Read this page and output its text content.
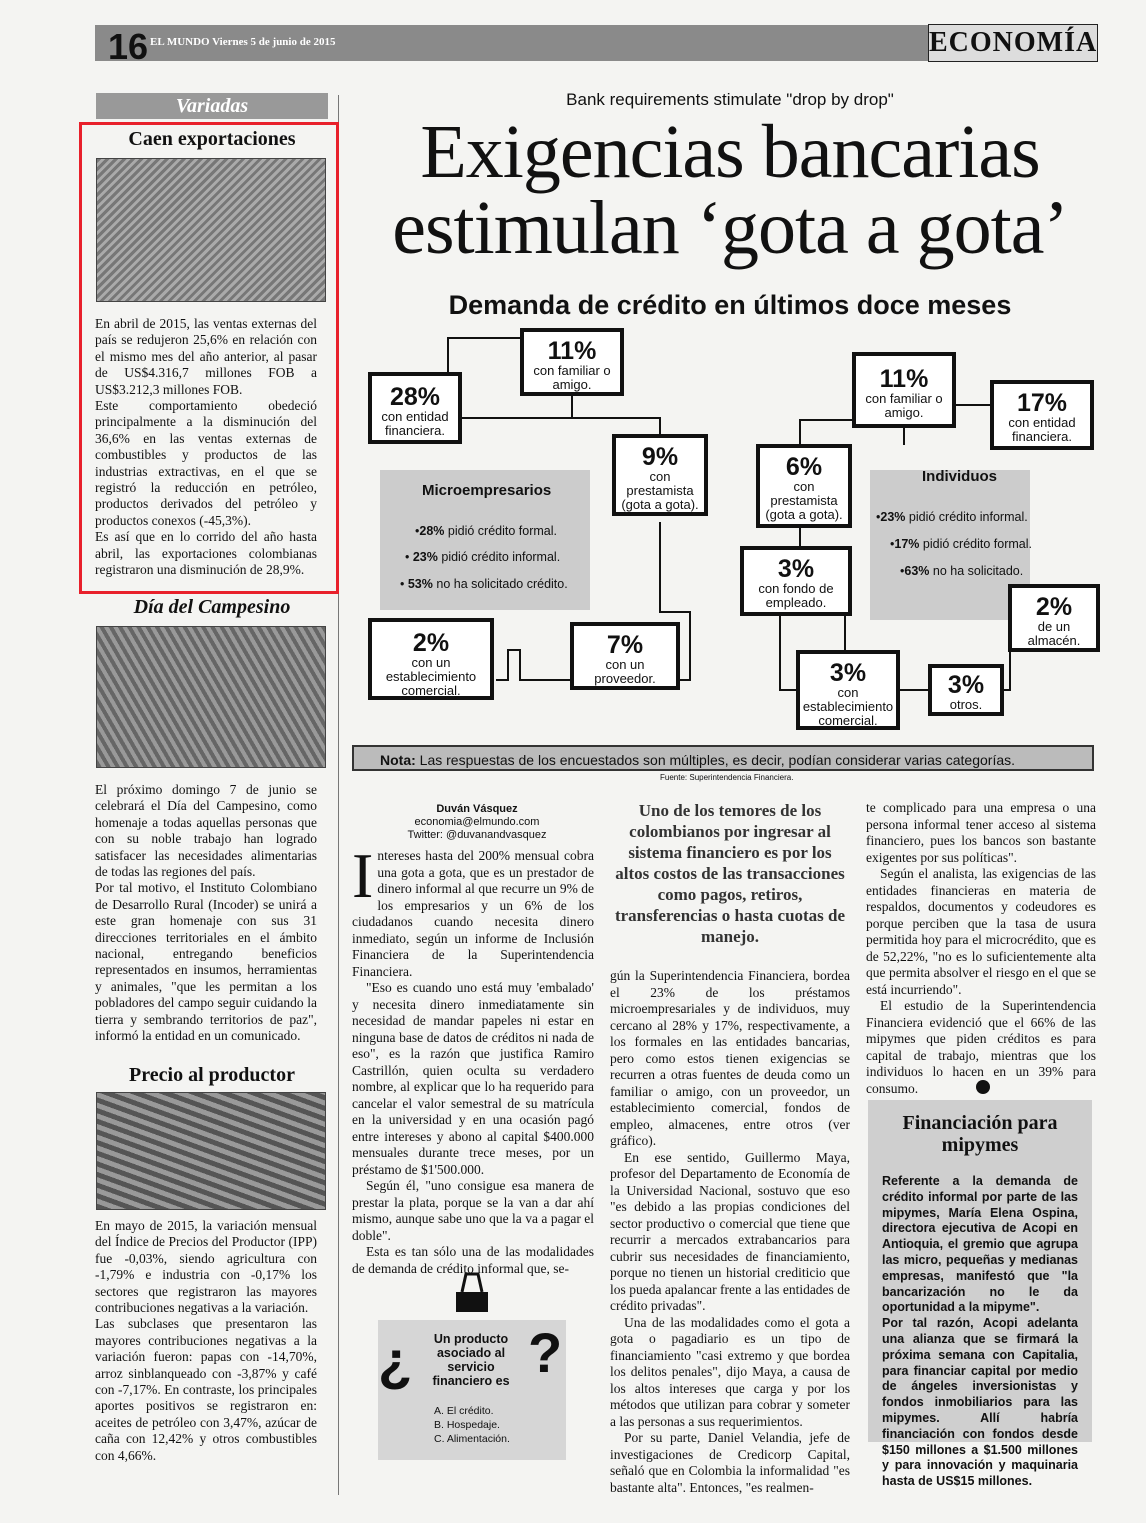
16 EL MUNDO Viernes 5 de junio de 2015	ECONOMÍA
Variadas
Caen exportaciones

En abril de 2015, las ventas externas del país se redujeron 25,6% en relación con el mismo mes del año anterior, al pasar de US$4.316,7 millones FOB a US$3.212,3 millones FOB.

Este comportamiento obedeció principalmente a la disminución del 36,6% en las ventas externas de combustibles y productos de las industrias extractivas, en el que se registró la reducción en petróleo, productos derivados del petróleo y productos conexos (-45,3%).

Es así que en lo corrido del año hasta abril, las exportaciones colombianas registraron una disminución de 28,9%.

Día del Campesino

El próximo domingo 7 de junio se celebrará el Día del Campesino, como homenaje a todas aquellas personas que con su noble trabajo han logrado satisfacer las necesidades alimentarias de todas las regiones del país.

Por tal motivo, el Instituto Colombiano de Desarrollo Rural (Incoder) se unirá a este gran homenaje con sus 31 direcciones territoriales en el ámbito nacional, entregando beneficios representados en insumos, herramientas y animales, "que les permitan a los pobladores del campo seguir cuidando la tierra y sembrando territorios de paz", informó la entidad en un comunicado.

Precio al productor

En mayo de 2015, la variación mensual del Índice de Precios del Productor (IPP) fue -0,03%, siendo agricultura con -1,79% e industria con -0,17% los sectores que registraron las mayores contribuciones negativas a la variación.

Las subclases que presentaron las mayores contribuciones negativas a la variación fueron: papas con -14,70%, arroz sinblanqueado con -3,87% y café con -7,17%. En contraste, los principales aportes positivos se registraron en: aceites de petróleo con 3,47%, azúcar de caña con 12,42% y otros combustibles con 4,66%.

Bank requirements stimulate "drop by drop"
Exigencias bancarias
estimulan ‘gota a gota’
Demanda de crédito en últimos doce meses
Microempresarios
•28% pidió crédito formal.
• 23% pidió crédito informal.
• 53% no ha solicitado crédito.
28%
con entidad financiera.
11%
con familiar o amigo.
9%
con prestamista (gota a gota).
2%
con un establecimiento comercial.
7%
con un proveedor.
Individuos
•23% pidió crédito informal.
•17% pidió crédito formal.
•63% no ha solicitado.
11%
con familiar o amigo.	17%
con entidad financiera.
6%
con prestamista (gota a gota).
3%
con fondo de empleado.	2%
de un almacén.
3%
con establecimiento comercial.
3%
otros.
Nota: Las respuestas de los encuestados son múltiples, es decir, podían considerar varias categorías.
Fuente: Superintendencia Financiera.
Duván Vásquez
economia@elmundo.com
Twitter: @duvanandvasquez

Intereses hasta del 200% mensual cobra una gota a gota, que es un prestador de dinero informal al que recurre un 9% de los empresarios y un 6% de los ciudadanos cuando necesita dinero inmediato, según un informe de Inclusión Financiera de la Superintendencia Financiera.

"Eso es cuando uno está muy 'embalado' y necesita dinero inmediatamente sin necesidad de mandar papeles ni estar en ninguna base de datos de créditos ni nada de eso", es la razón que justifica Ramiro Castrillón, quien oculta su verdadero nombre, al explicar que lo ha requerido para cancelar el valor semestral de su matrícula en la universidad y en una ocasión pagó entre intereses y abono al capital $400.000 mensuales durante trece meses, por un préstamo de $1'500.000.

Según él, "uno consigue esa manera de prestar la plata, porque se la van a dar ahí mismo, aunque sabe uno que la va a pagar el doble".

Esta es tan sólo una de las modalidades de demanda de crédito informal que, se-

¿ ?
Un producto asociado al servicio financiero es
A. El crédito.
B. Hospedaje.
C. Alimentación.
Uno de los temores de los colombianos por ingresar al sistema financiero es por los altos costos de las transacciones como pagos, retiros, transferencias o hasta cuotas de manejo.

gún la Superintendencia Financiera, bordea el 23% de los préstamos microempresariales y de individuos, muy cercano al 28% y 17%, respectivamente, a los formales en las entidades bancarias, pero como estos tienen exigencias se recurren a otras fuentes de deuda como un familiar o amigo, con un proveedor, un establecimiento comercial, fondos de empleo, almacenes, entre otros (ver gráfico).

En ese sentido, Guillermo Maya, profesor del Departamento de Economía de la Universidad Nacional, sostuvo que eso "es debido a las propias condiciones del sector productivo o comercial que tiene que recurrir a mercados extrabancarios para cubrir sus necesidades de financiamiento, porque no tienen un historial crediticio que los pueda apalancar frente a las entidades de crédito privadas".

Una de las modalidades como el gota a gota o pagadiario es un tipo de financiamiento "casi extremo y que bordea los delitos penales", dijo Maya, a causa de los altos intereses que carga y por los métodos que utilizan para cobrar y someter a las personas a sus requerimientos.

Por su parte, Daniel Velandia, jefe de investigaciones de Credicorp Capital, señaló que en Colombia la informalidad "es bastante alta". Entonces, "es realmen-

te complicado para una empresa o una persona informal tener acceso al sistema financiero, pues los bancos son bastante exigentes por sus políticas".

Según el analista, las exigencias de las entidades financieras en materia de respaldos, documentos y codeudores es porque perciben que la tasa de usura permitida hoy para el microcrédito, que es de 52,22%, "no es lo suficientemente alta que permita absolver el riesgo en el que se está incurriendo".

El estudio de la Superintendencia Financiera evidenció que el 66% de las mipymes que piden créditos es para capital de trabajo, mientras que los individuos lo hacen en un 39% para consumo.

Financiación para mipymes

Referente a la demanda de crédito informal por parte de las mipymes, María Elena Ospina, directora ejecutiva de Acopi en Antioquia, el gremio que agrupa las micro, pequeñas y medianas empresas, manifestó que "la bancarización no le da oportunidad a la mipyme".

Por tal razón, Acopi adelanta una alianza que se firmará la próxima semana con Capitalia, para financiar capital por medio de ángeles inversionistas y fondos inmobiliarios para las mipymes. Allí habría financiación con fondos desde $150 millones a $1.500 millones y para innovación y maquinaria hasta de US$15 millones.
